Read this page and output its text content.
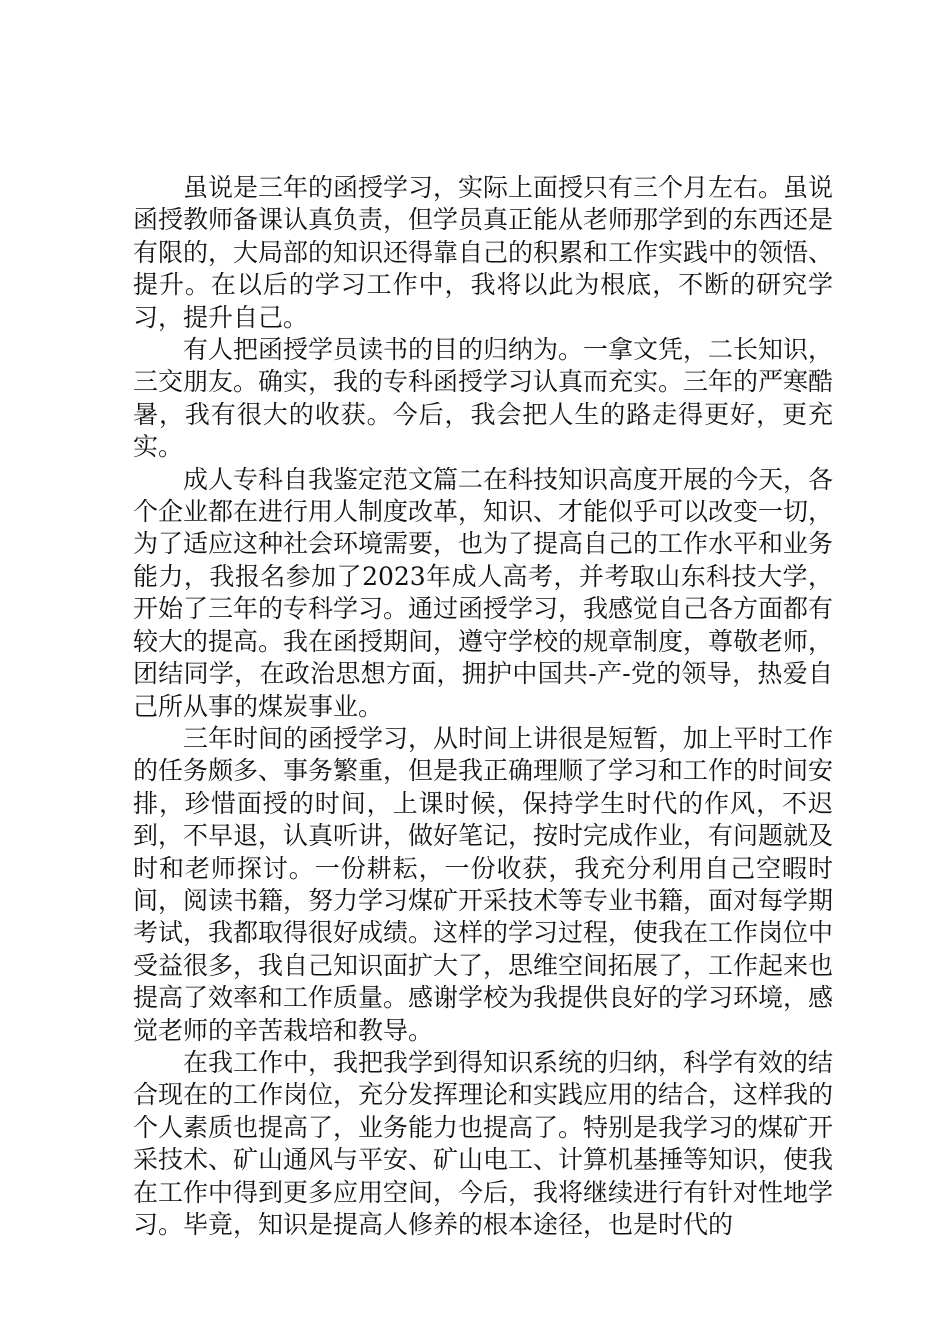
虽说是三年的函授学习，实际上面授只有三个月左右。虽说函授教师备课认真负责，但学员真正能从老师那学到的东西还是有限的，大局部的知识还得靠自己的积累和工作实践中的领悟、提升。在以后的学习工作中，我将以此为根底，不断的研究学习，提升自己。

有人把函授学员读书的目的归纳为。一拿文凭，二长知识，三交朋友。确实，我的专科函授学习认真而充实。三年的严寒酷暑，我有很大的收获。今后，我会把人生的路走得更好，更充实。

成人专科自我鉴定范文篇二在科技知识高度开展的今天，各个企业都在进行用人制度改革，知识、才能似乎可以改变一切，为了适应这种社会环境需要，也为了提高自己的工作水平和业务能力，我报名参加了2023年成人高考，并考取山东科技大学，开始了三年的专科学习。通过函授学习，我感觉自己各方面都有较大的提高。我在函授期间，遵守学校的规章制度，尊敬老师，团结同学，在政治思想方面，拥护中国共-产-党的领导，热爱自己所从事的煤炭事业。

三年时间的函授学习，从时间上讲很是短暂，加上平时工作的任务颇多、事务繁重，但是我正确理顺了学习和工作的时间安排，珍惜面授的时间，上课时候，保持学生时代的作风，不迟到，不早退，认真听讲，做好笔记，按时完成作业，有问题就及时和老师探讨。一份耕耘，一份收获，我充分利用自己空暇时间，阅读书籍，努力学习煤矿开采技术等专业书籍，面对每学期考试，我都取得很好成绩。这样的学习过程，使我在工作岗位中受益很多，我自己知识面扩大了，思维空间拓展了，工作起来也提高了效率和工作质量。感谢学校为我提供良好的学习环境，感觉老师的辛苦栽培和教导。

在我工作中，我把我学到得知识系统的归纳，科学有效的结合现在的工作岗位，充分发挥理论和实践应用的结合，这样我的个人素质也提高了，业务能力也提高了。特别是我学习的煤矿开采技术、矿山通风与平安、矿山电工、计算机基捶等知识，使我在工作中得到更多应用空间，今后，我将继续进行有针对性地学习。毕竟，知识是提高人修养的根本途径，也是时代的
